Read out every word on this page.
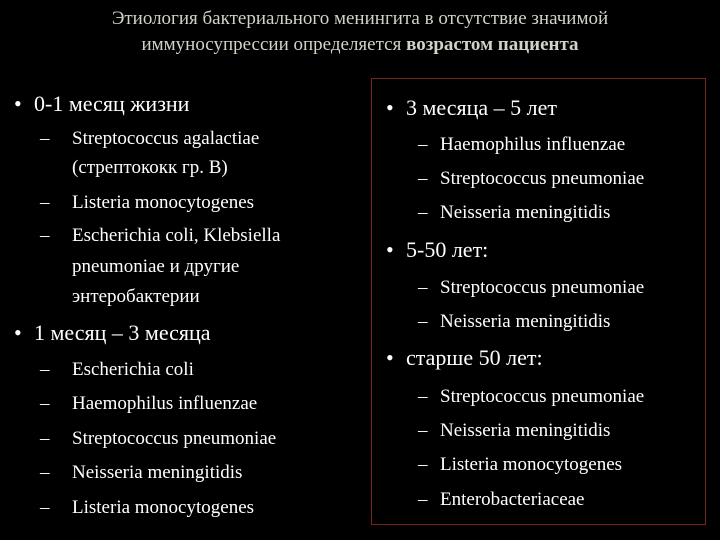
Этиология бактериального менингита в отсутствие значимой
иммуносупрессии определяется возрастом пациента
• 0-1 месяц жизни
– Streptococcus agalactiae
(стрептококк гр. В)
– Listeria monocytogenes
– Escherichia coli, Klebsiella
pneumoniae и другие
энтеробактерии
• 1 месяц – 3 месяца
– Escherichia coli
– Haemophilus influenzae
– Streptococcus pneumoniae
– Neisseria meningitidis
– Listeria monocytogenes
• 3 месяца – 5 лет
– Haemophilus influenzae
– Streptococcus pneumoniae
– Neisseria meningitidis
• 5-50 лет:
– Streptococcus pneumoniae
– Neisseria meningitidis
• старше 50 лет:
– Streptococcus pneumoniae
– Neisseria meningitidis
– Listeria monocytogenes
– Enterobacteriaceae
